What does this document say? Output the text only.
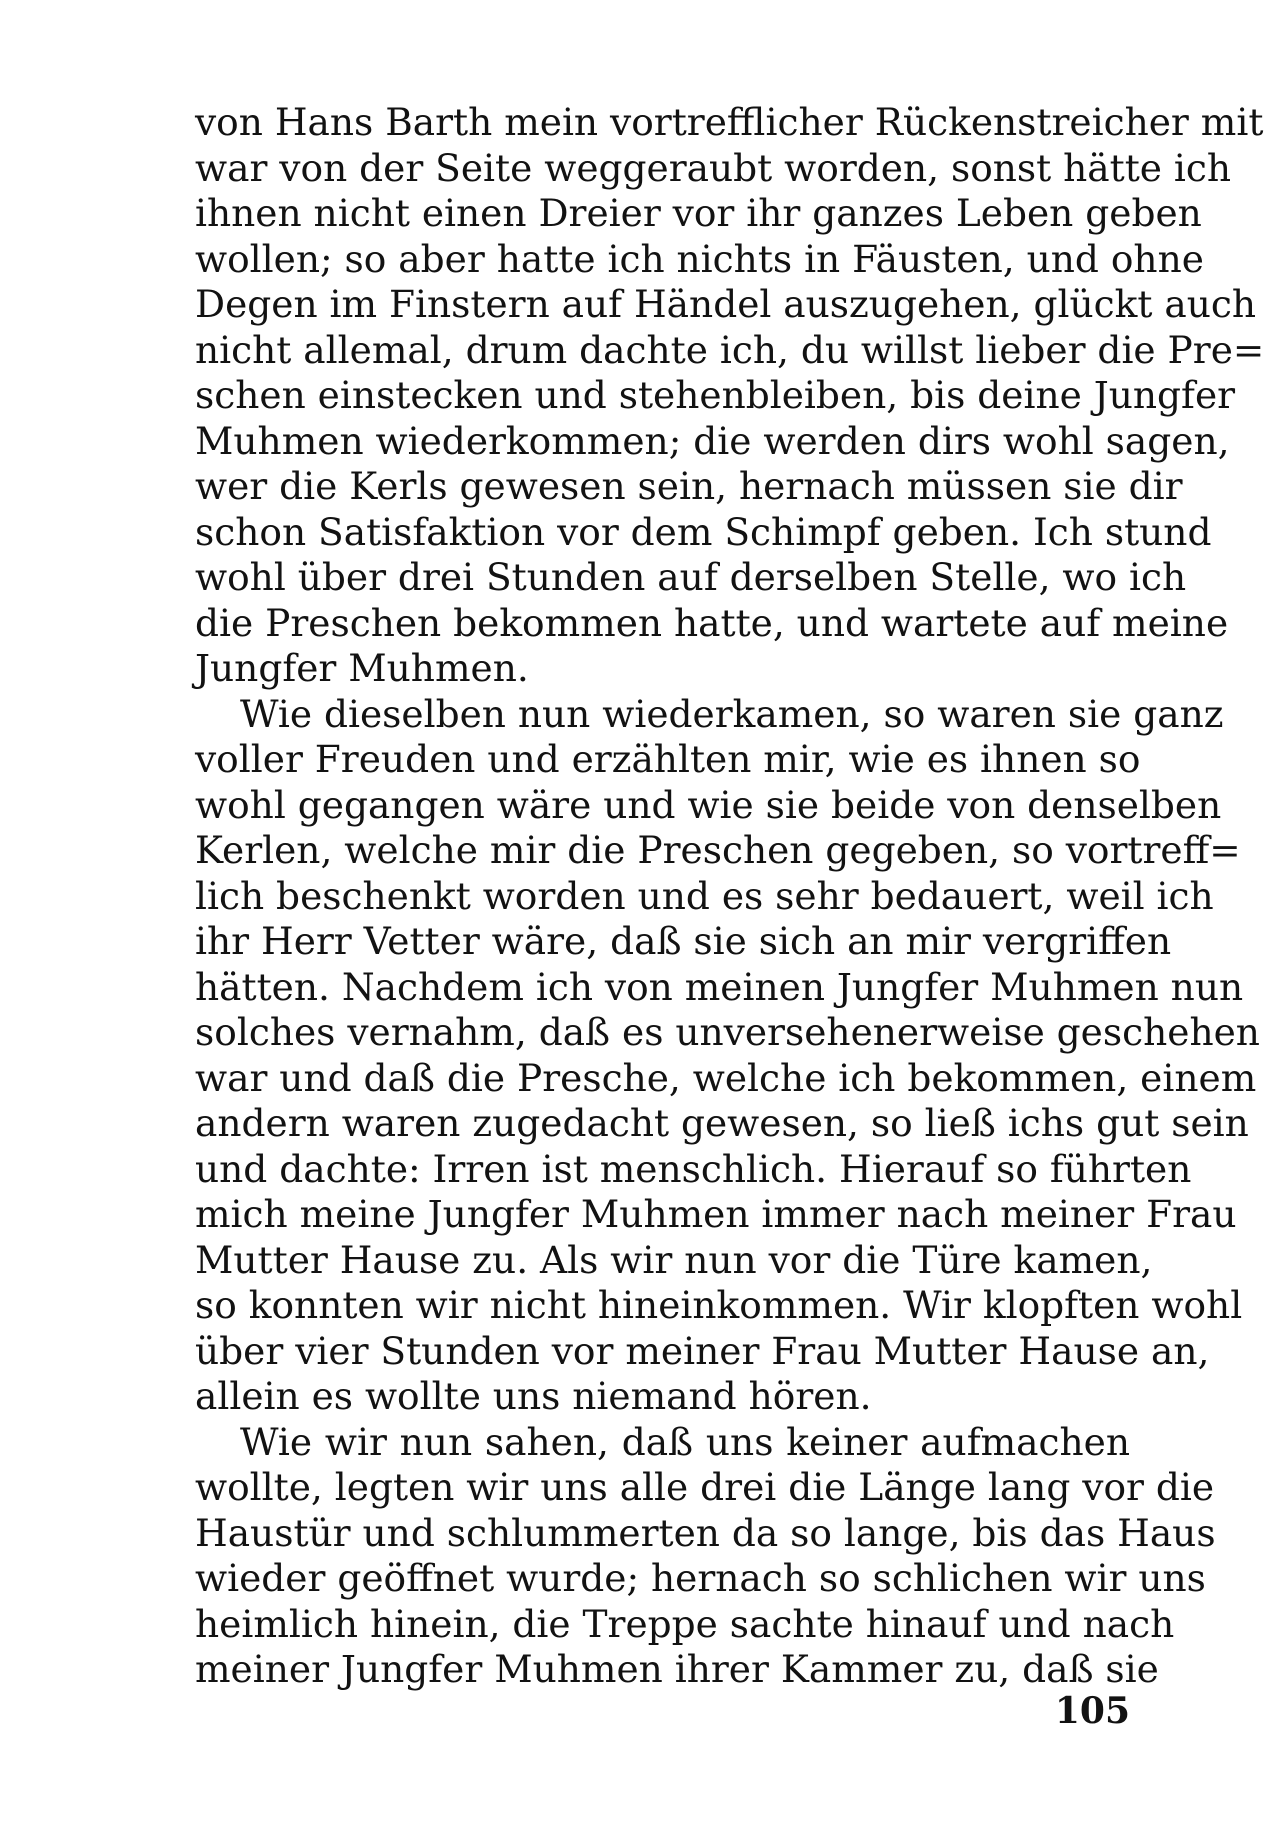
von Hans Barth mein vortrefflicher Rückenstreicher mit
war von der Seite weggeraubt worden, sonst hätte ich
ihnen nicht einen Dreier vor ihr ganzes Leben geben
wollen; so aber hatte ich nichts in Fäusten, und ohne
Degen im Finstern auf Händel auszugehen, glückt auch
nicht allemal, drum dachte ich, du willst lieber die Pre=
schen einstecken und stehenbleiben, bis deine Jungfer
Muhmen wiederkommen; die werden dirs wohl sagen,
wer die Kerls gewesen sein, hernach müssen sie dir
schon Satisfaktion vor dem Schimpf geben. Ich stund
wohl über drei Stunden auf derselben Stelle, wo ich
die Preschen bekommen hatte, und wartete auf meine
Jungfer Muhmen.
Wie dieselben nun wiederkamen, so waren sie ganz
voller Freuden und erzählten mir, wie es ihnen so
wohl gegangen wäre und wie sie beide von denselben
Kerlen, welche mir die Preschen gegeben, so vortreff=
lich beschenkt worden und es sehr bedauert, weil ich
ihr Herr Vetter wäre, daß sie sich an mir vergriffen
hätten. Nachdem ich von meinen Jungfer Muhmen nun
solches vernahm, daß es unversehenerweise geschehen
war und daß die Presche, welche ich bekommen, einem
andern waren zugedacht gewesen, so ließ ichs gut sein
und dachte: Irren ist menschlich. Hierauf so führten
mich meine Jungfer Muhmen immer nach meiner Frau
Mutter Hause zu. Als wir nun vor die Türe kamen,
so konnten wir nicht hineinkommen. Wir klopften wohl
über vier Stunden vor meiner Frau Mutter Hause an,
allein es wollte uns niemand hören.
Wie wir nun sahen, daß uns keiner aufmachen
wollte, legten wir uns alle drei die Länge lang vor die
Haustür und schlummerten da so lange, bis das Haus
wieder geöffnet wurde; hernach so schlichen wir uns
heimlich hinein, die Treppe sachte hinauf und nach
meiner Jungfer Muhmen ihrer Kammer zu, daß sie
105
